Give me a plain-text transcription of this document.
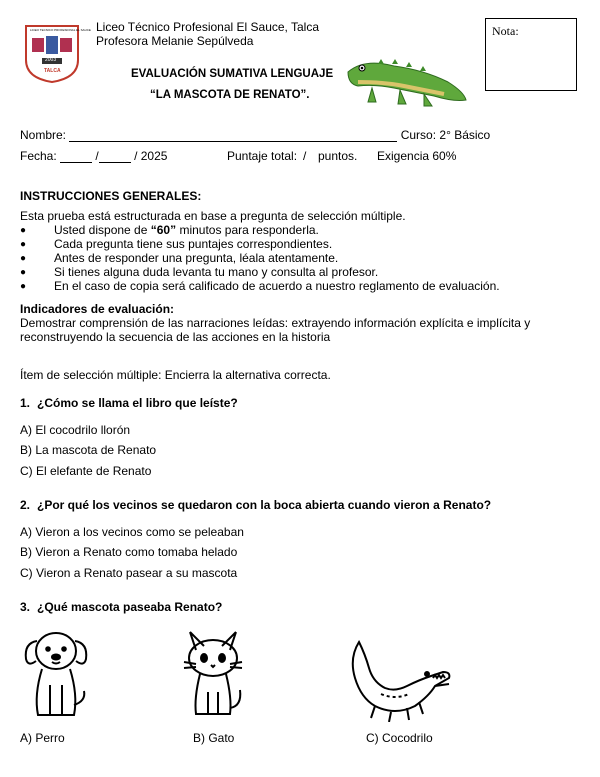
LICEO TECNICO PROFESIONAL EL SAUCE
2003
TALCA
Liceo Técnico Profesional El Sauce, Talca
Profesora Melanie Sepúlveda
EVALUACIÓN SUMATIVA LENGUAJE
“LA MASCOTA DE RENATO”.
Nota:
Nombre:	Curso: 2° Básico
Fecha:	/	/ 2025	Puntaje total: / puntos. Exigencia 60%
INSTRUCCIONES GENERALES:
Esta prueba está estructurada en base a pregunta de selección múltiple.
● Usted dispone de “60” minutos para responderla.
● Cada pregunta tiene sus puntajes correspondientes.
● Antes de responder una pregunta, léala atentamente.
● Si tienes alguna duda levanta tu mano y consulta al profesor.
● En el caso de copia será calificado de acuerdo a nuestro reglamento de evaluación.
Indicadores de evaluación:
Demostrar comprensión de las narraciones leídas: extrayendo información explícita e implícita y
reconstruyendo la secuencia de las acciones en la historia
Ítem de selección múltiple: Encierra la alternativa correcta.
1. ¿Cómo se llama el libro que leíste?
A) El cocodrilo llorón
B) La mascota de Renato
C) El elefante de Renato
2. ¿Por qué los vecinos se quedaron con la boca abierta cuando vieron a Renato?
A) Vieron a los vecinos como se peleaban
B) Vieron a Renato como tomaba helado
C) Vieron a Renato pasear a su mascota
3. ¿Qué mascota paseaba Renato?
A) Perro	B) Gato	C) Cocodrilo
